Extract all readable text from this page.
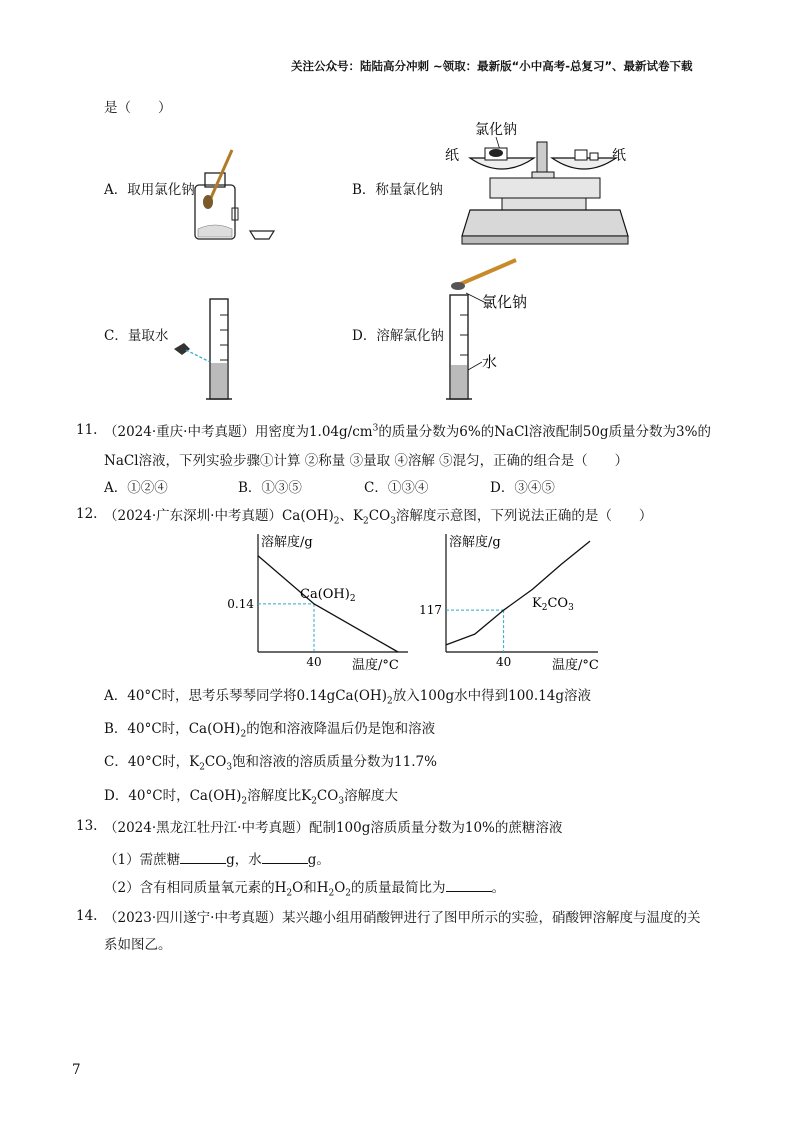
关注公众号：陆陆高分冲刺 ~领取：最新版“小中高考-总复习”、最新试卷下载
是（　　）
A．取用氯化钠	B．称量氯化钠
氯化钠
纸	纸
C．量取水	D．溶解氯化钠
氯化钠
水
11. （2024·重庆·中考真题）用密度为$1.04g/cm^3$的质量分数为6%的NaCl溶液配制50g质量分数为3%的
NaCl溶液，下列实验步骤①计算 ②称量 ③量取 ④溶解 ⑤混匀，正确的组合是（　　）
A．①②④	B．①③⑤	C．①③④	D．③④⑤
12. （2024·广东深圳·中考真题）$Ca(OH)_2$、$K_2CO_3$溶解度示意图，下列说法正确的是（　　）
溶解度/g
温度/°C
0.14
40
$Ca(OH)_2$
溶解度/g
温度/°C
117
40
$K_2CO_3$
A．40°C时，思考乐琴琴同学将$0.14gCa(OH)_2$放入100g水中得到100.14g溶液
B．40°C时，$Ca(OH)_2$的饱和溶液降温后仍是饱和溶液
C．40°C时，$K_2CO_3$饱和溶液的溶质质量分数为11.7%
D．40°C时，$Ca(OH)_2$溶解度比$K_2CO_3$溶解度大
13. （2024·黑龙江牡丹江·中考真题）配制100g溶质质量分数为10%的蔗糖溶液
（1）需蔗糖	g，水	g。
（2）含有相同质量氧元素的$H_2O$和$H_2O_2$的质量最简比为	。
14. （2023·四川遂宁·中考真题）某兴趣小组用硝酸钾进行了图甲所示的实验，硝酸钾溶解度与温度的关
系如图乙。
7
